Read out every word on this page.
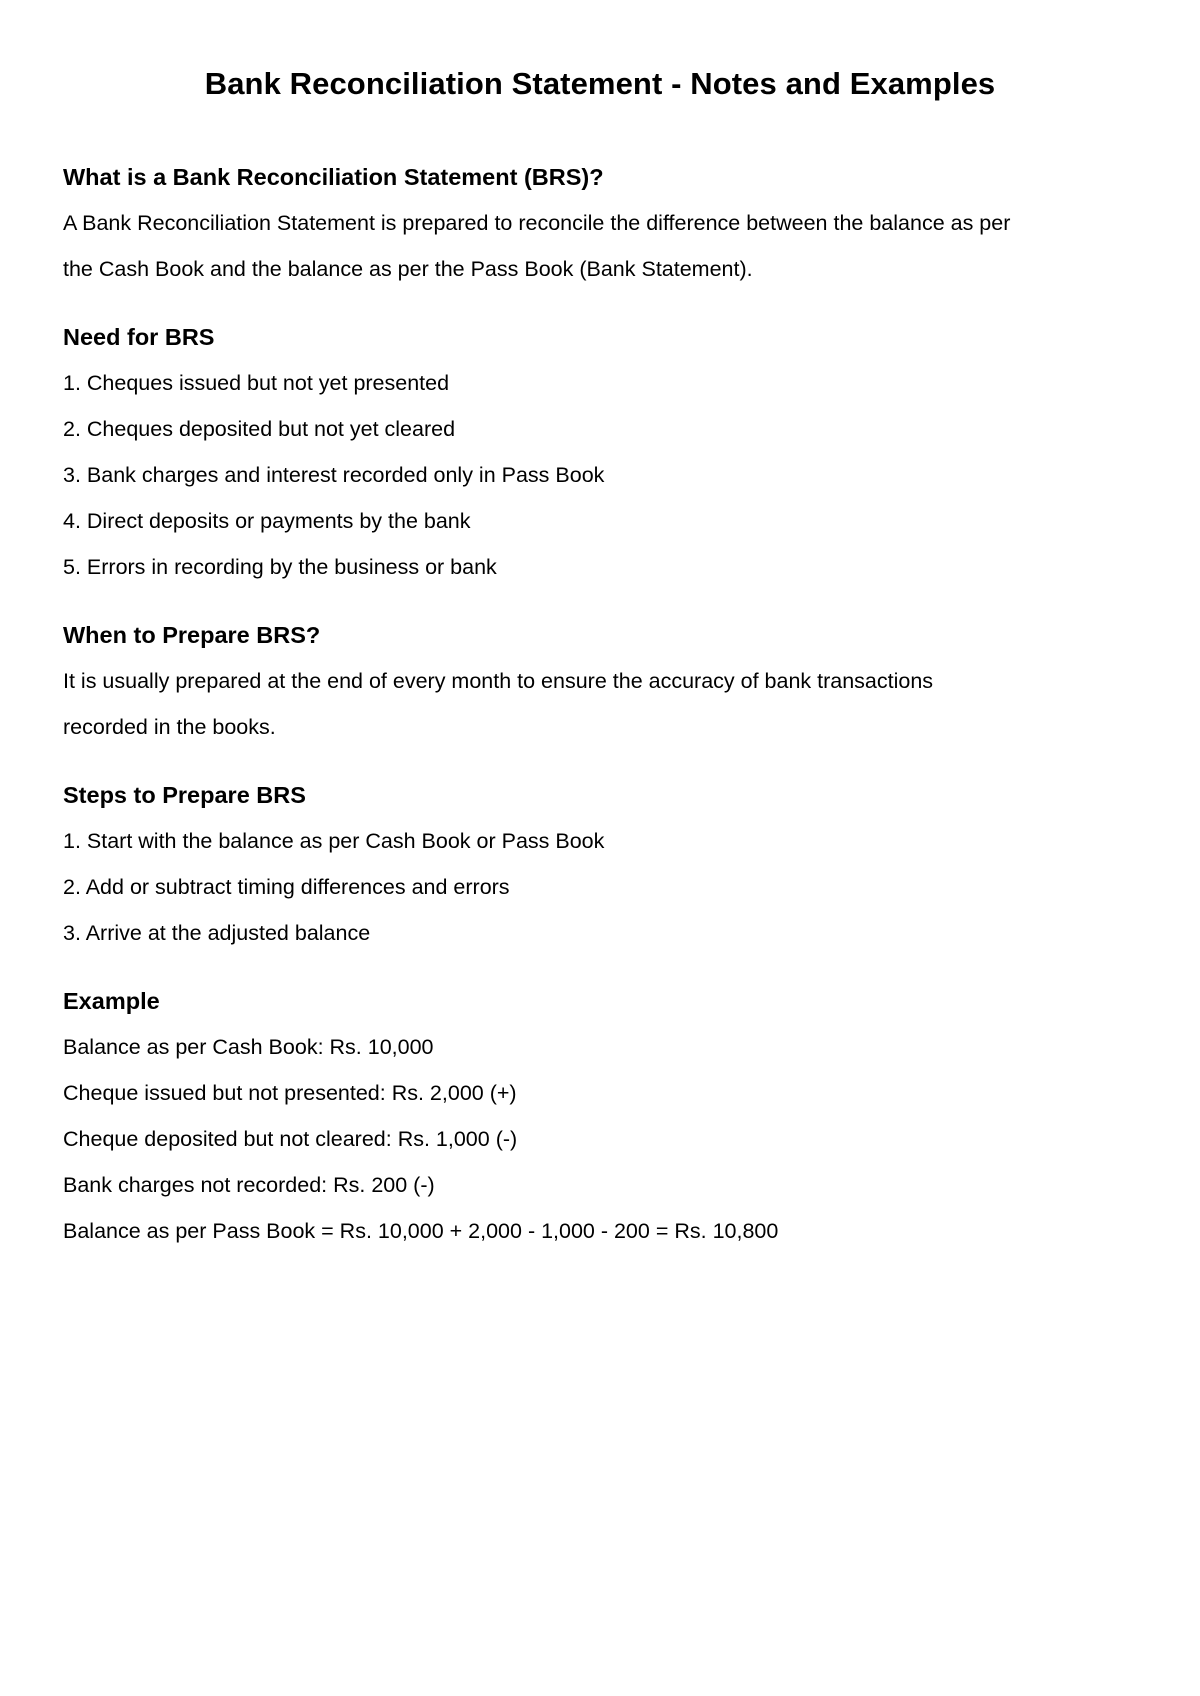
Bank Reconciliation Statement - Notes and Examples
What is a Bank Reconciliation Statement (BRS)?

A Bank Reconciliation Statement is prepared to reconcile the difference between the balance as per

the Cash Book and the balance as per the Pass Book (Bank Statement).

Need for BRS
1. Cheques issued but not yet presented
2. Cheques deposited but not yet cleared
3. Bank charges and interest recorded only in Pass Book
4. Direct deposits or payments by the bank
5. Errors in recording by the business or bank
When to Prepare BRS?

It is usually prepared at the end of every month to ensure the accuracy of bank transactions

recorded in the books.

Steps to Prepare BRS
1. Start with the balance as per Cash Book or Pass Book
2. Add or subtract timing differences and errors
3. Arrive at the adjusted balance
Example

Balance as per Cash Book: Rs. 10,000

Cheque issued but not presented: Rs. 2,000 (+)

Cheque deposited but not cleared: Rs. 1,000 (-)

Bank charges not recorded: Rs. 200 (-)

Balance as per Pass Book = Rs. 10,000 + 2,000 - 1,000 - 200 = Rs. 10,800
